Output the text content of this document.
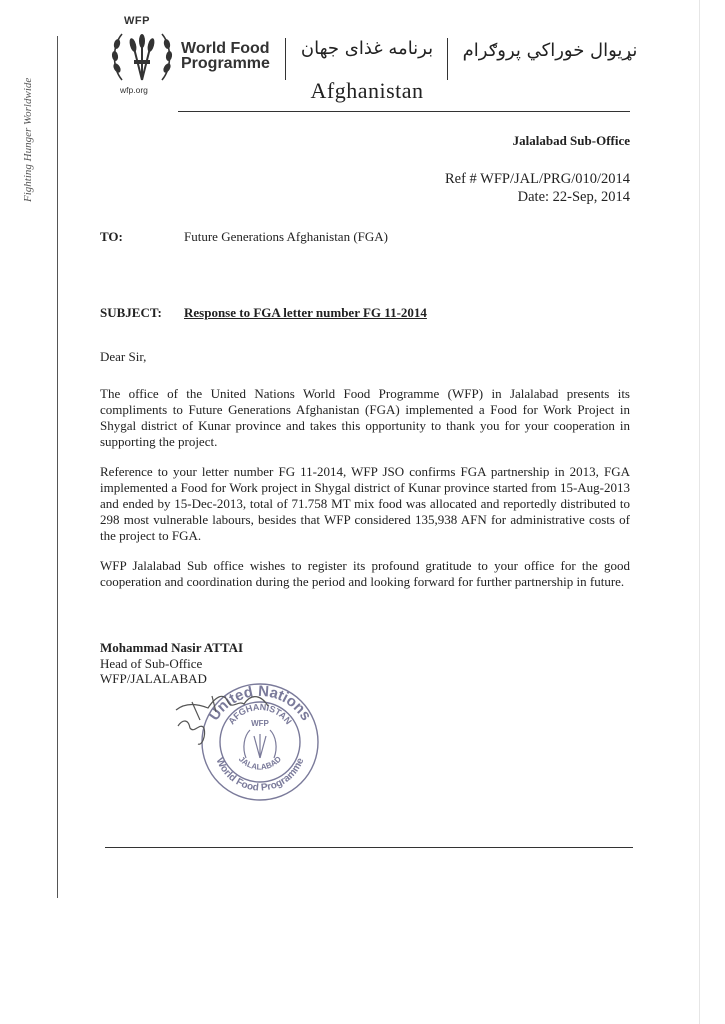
Fighting Hunger Worldwide
WFP
wfp.org
World Food
Programme
برنامه غذای جهان
Afghanistan
نړیوال خوراکي پروګرام
Jalalabad Sub-Office
Ref # WFP/JAL/PRG/010/2014
Date: 22-Sep, 2014
TO:	Future Generations Afghanistan (FGA)
SUBJECT: Response to FGA letter number FG 11-2014
Dear Sir,
The office of the United Nations World Food Programme (WFP) in Jalalabad presents its compliments to Future Generations Afghanistan (FGA) implemented a Food for Work Project in Shygal district of Kunar province and takes this opportunity to thank you for your cooperation in supporting the project.
Reference to your letter number FG 11-2014, WFP JSO confirms FGA partnership in 2013, FGA implemented a Food for Work project in Shygal district of Kunar province started from 15-Aug-2013 and ended by 15-Dec-2013, total of 71.758 MT mix food was allocated and reportedly distributed to 298 most vulnerable labours, besides that WFP considered 135,938 AFN for administrative costs of the project to FGA.
WFP Jalalabad Sub office wishes to register its profound gratitude to your office for the good cooperation and coordination during the period and looking forward for further partnership in future.
Mohammad Nasir ATTAI
Head of Sub-Office
WFP/JALALABAD
United Nations
World Food Programme
AFGHANISTAN
JALALABAD
WFP
